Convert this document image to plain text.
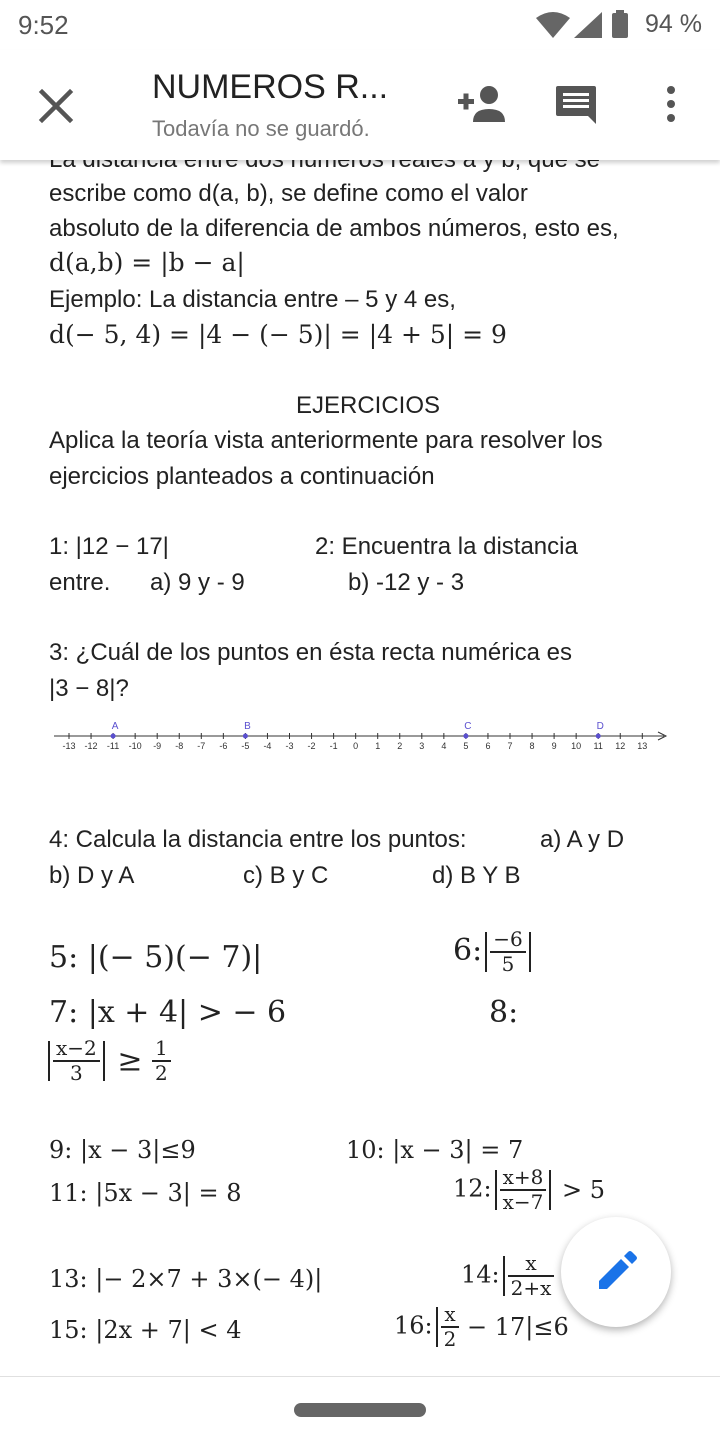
9:52	94 %
NUMEROS R...
Todavía no se guardó.
escribe como d(a, b), se define como el valor
absoluto de la diferencia de ambos números, esto es,
d(a,b) = |b − a|
Ejemplo: La distancia entre – 5 y 4 es,
d(− 5, 4) = |4 − (− 5)| = |4 + 5| = 9
EJERCICIOS
Aplica la teoría vista anteriormente para resolver los
ejercicios planteados a continuación
1: |12 − 17|	2: Encuentra la distancia
entre. a) 9 y - 9	b) -12 y - 3
3: ¿Cuál de los puntos en ésta recta numérica es
|3 − 8|?
-13 -12 -11 -10 -9 -8 -7 -6 -5 -4 -3 -2 -1 0 1 2 3 4 5 6 7 8 9 10 11 12 13
A	B	C	D
4: Calcula la distancia entre los puntos:	a) A y D
b) D y A	c) B y C	d) B Y B
5: |(− 5)(− 7)|	6: $\frac{-6}{5}$
7: |x + 4| > − 6	8:
$\frac{x-2}{3} \ge \frac{1}{2}$
9: |x − 3|≤9	10: |x − 3| = 7
11: |5x − 3| = 8	12: $\frac{x+8}{x-7} > 5$
13: |− 2×7 + 3×(− 4)|	14: $\frac{x}{2+x}$
15: |2x + 7| < 4	16: $\frac{x}{2} - 17|\le 6$
